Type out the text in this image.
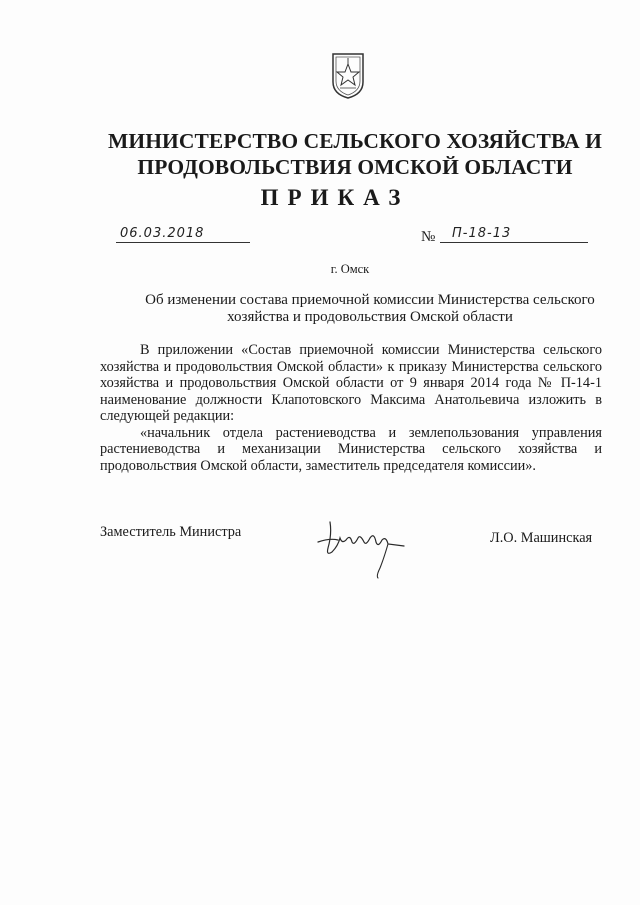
МИНИСТЕРСТВО СЕЛЬСКОГО ХОЗЯЙСТВА И
ПРОДОВОЛЬСТВИЯ ОМСКОЙ ОБЛАСТИ
ПРИКАЗ
06.03.2018	№ П-18-13
г. Омск
Об изменении состава приемочной комиссии Министерства сельского
хозяйства и продовольствия Омской области

В приложении «Состав приемочной комиссии Министерства сельского хозяйства и продовольствия Омской области» к приказу Министерства сельского хозяйства и продовольствия Омской области от 9 января 2014 года № П-14-1 наименование должности Клапотовского Максима Анатольевича изложить в следующей редакции:

«начальник отдела растениеводства и землепользования управления растениеводства и механизации Министерства сельского хозяйства и продовольствия Омской области, заместитель председателя комиссии».

Заместитель Министра	Л.О. Машинская
